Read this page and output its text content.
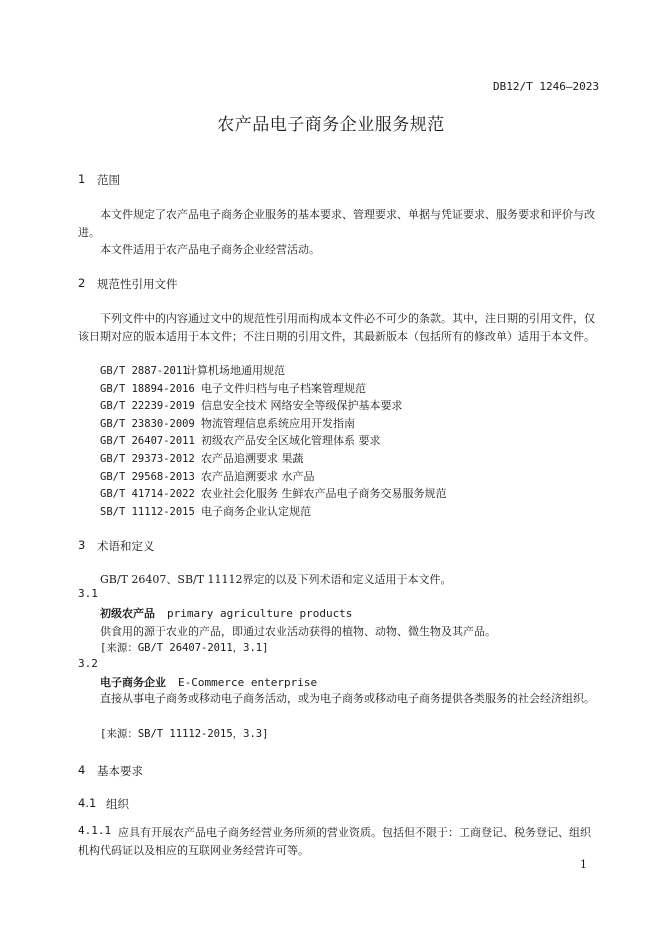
DB12/T 1246—2023
农产品电子商务企业服务规范
1 范围
本文件规定了农产品电子商务企业服务的基本要求、管理要求、单据与凭证要求、服务要求和评价与改进。
本文件适用于农产品电子商务企业经营活动。
2 规范性引用文件
下列文件中的内容通过文中的规范性引用而构成本文件必不可少的条款。其中，注日期的引用文件，仅该日期对应的版本适用于本文件；不注日期的引用文件，其最新版本（包括所有的修改单）适用于本文件。
GB/T 2887-2011计算机场地通用规范
GB/T 18894-2016 电子文件归档与电子档案管理规范
GB/T 22239-2019 信息安全技术 网络安全等级保护基本要求
GB/T 23830-2009 物流管理信息系统应用开发指南
GB/T 26407-2011 初级农产品安全区域化管理体系 要求
GB/T 29373-2012 农产品追溯要求 果蔬
GB/T 29568-2013 农产品追溯要求 水产品
GB/T 41714-2022 农业社会化服务 生鲜农产品电子商务交易服务规范
SB/T 11112-2015 电子商务企业认定规范
3 术语和定义
GB/T 26407、SB/T 11112界定的以及下列术语和定义适用于本文件。
3.1
初级农产品 primary agriculture products
供食用的源于农业的产品，即通过农业活动获得的植物、动物、微生物及其产品。
[来源：GB/T 26407-2011，3.1]
3.2
电子商务企业 E-Commerce enterprise
直接从事电子商务或移动电子商务活动，或为电子商务或移动电子商务提供各类服务的社会经济组织。
[来源：SB/T 11112-2015，3.3]
4 基本要求
4.1 组织
4.1.1 应具有开展农产品电子商务经营业务所须的营业资质。包括但不限于：工商登记、税务登记、组织机构代码证以及相应的互联网业务经营许可等。
1
